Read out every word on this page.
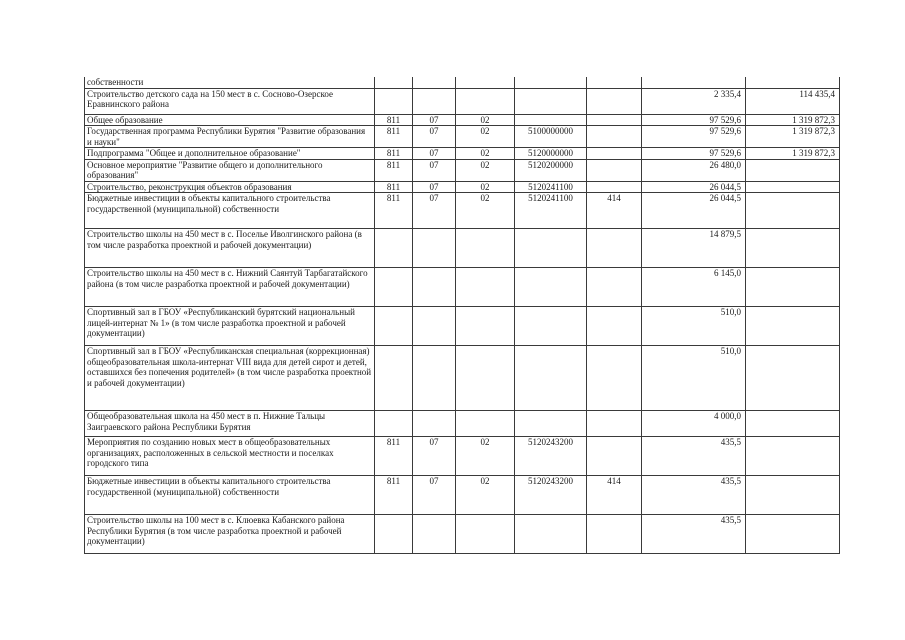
собственности							
Строительство детского сада на 150 мест в с. Сосново-Озерское Еравнинского района						2 335,4	114 435,4
Общее образование	811	07	02			97 529,6	1 319 872,3
Государственная программа Республики Бурятия "Развитие образования и науки"	811	07	02	5100000000		97 529,6	1 319 872,3
Подпрограмма "Общее и дополнительное образование"	811	07	02	5120000000		97 529,6	1 319 872,3
Основное мероприятие "Развитие общего и дополнительного образования"	811	07	02	5120200000		26 480,0	
Строительство, реконструкция объектов образования	811	07	02	5120241100		26 044,5	
Бюджетные инвестиции в объекты капитального строительства государственной (муниципальной) собственности	811	07	02	5120241100	414	26 044,5	
Строительство школы на 450 мест в с. Поселье Иволгинского района (в том числе разработка проектной и рабочей документации)						14 879,5	
Строительство школы на 450 мест в с. Нижний Саянтуй Тарбагатайского района (в том числе разработка проектной и рабочей документации)						6 145,0	
Спортивный зал в ГБОУ «Республиканский бурятский национальный лицей-интернат № 1» (в том числе разработка проектной и рабочей документации)						510,0	
Спортивный зал в ГБОУ «Республиканская специальная (коррекционная) общеобразовательная школа-интернат VIII вида для детей сирот и детей, оставшихся без попечения родителей» (в том числе разработка проектной и рабочей документации)						510,0	
Общеобразовательная школа на 450 мест в п. Нижние Тальцы Заиграевского района Республики Бурятия						4 000,0	
Мероприятия по созданию новых мест в общеобразовательных организациях, расположенных в сельской местности и поселках городского типа	811	07	02	5120243200		435,5	
Бюджетные инвестиции в объекты капитального строительства государственной (муниципальной) собственности	811	07	02	5120243200	414	435,5	
Строительство школы на 100 мест в с. Клюевка Кабанского района Республики Бурятия (в том числе разработка проектной и рабочей документации)						435,5	
